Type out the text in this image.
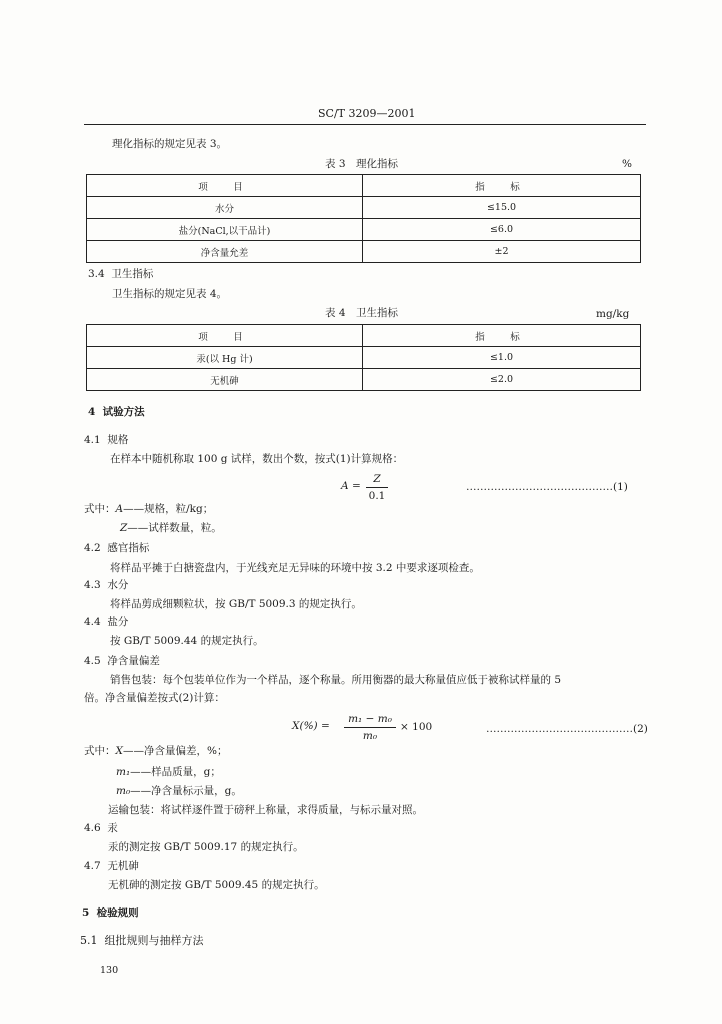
SC/T 3209—2001
理化指标的规定见表 3。
表 3　理化指标	%
项　目	指　标
水分	≤15.0
盐分(NaCl,以干品计)	≤6.0
净含量允差	±2
3.4 卫生指标
卫生指标的规定见表 4。
表 4　卫生指标	mg/kg
项　目	指　标
汞(以 Hg 计)	≤1.0
无机砷	≤2.0
4 试验方法
4.1 规格
在样本中随机称取 100 g 试样，数出个数，按式(1)计算规格：
A =
Z
0.1
……………………………………(1)
式中：A——规格，粒/kg；
Z——试样数量，粒。
4.2 感官指标
将样品平摊于白搪瓷盘内，于光线充足无异味的环境中按 3.2 中要求逐项检查。
4.3 水分
将样品剪成细颗粒状，按 GB/T 5009.3 的规定执行。
4.4 盐分
按 GB/T 5009.44 的规定执行。
4.5 净含量偏差
销售包装：每个包装单位作为一个样品，逐个称量。所用衡器的最大称量值应低于被称试样量的 5
倍。净含量偏差按式(2)计算：
X(%) =
m₁ − m₀
m₀
× 100	……………………………………(2)
式中：X——净含量偏差，%；
m₁——样品质量，g；
m₀——净含量标示量，g。
运输包装：将试样逐件置于磅秤上称量，求得质量，与标示量对照。
4.6 汞
汞的测定按 GB/T 5009.17 的规定执行。
4.7 无机砷
无机砷的测定按 GB/T 5009.45 的规定执行。
5 检验规则
5.1 组批规则与抽样方法
130
